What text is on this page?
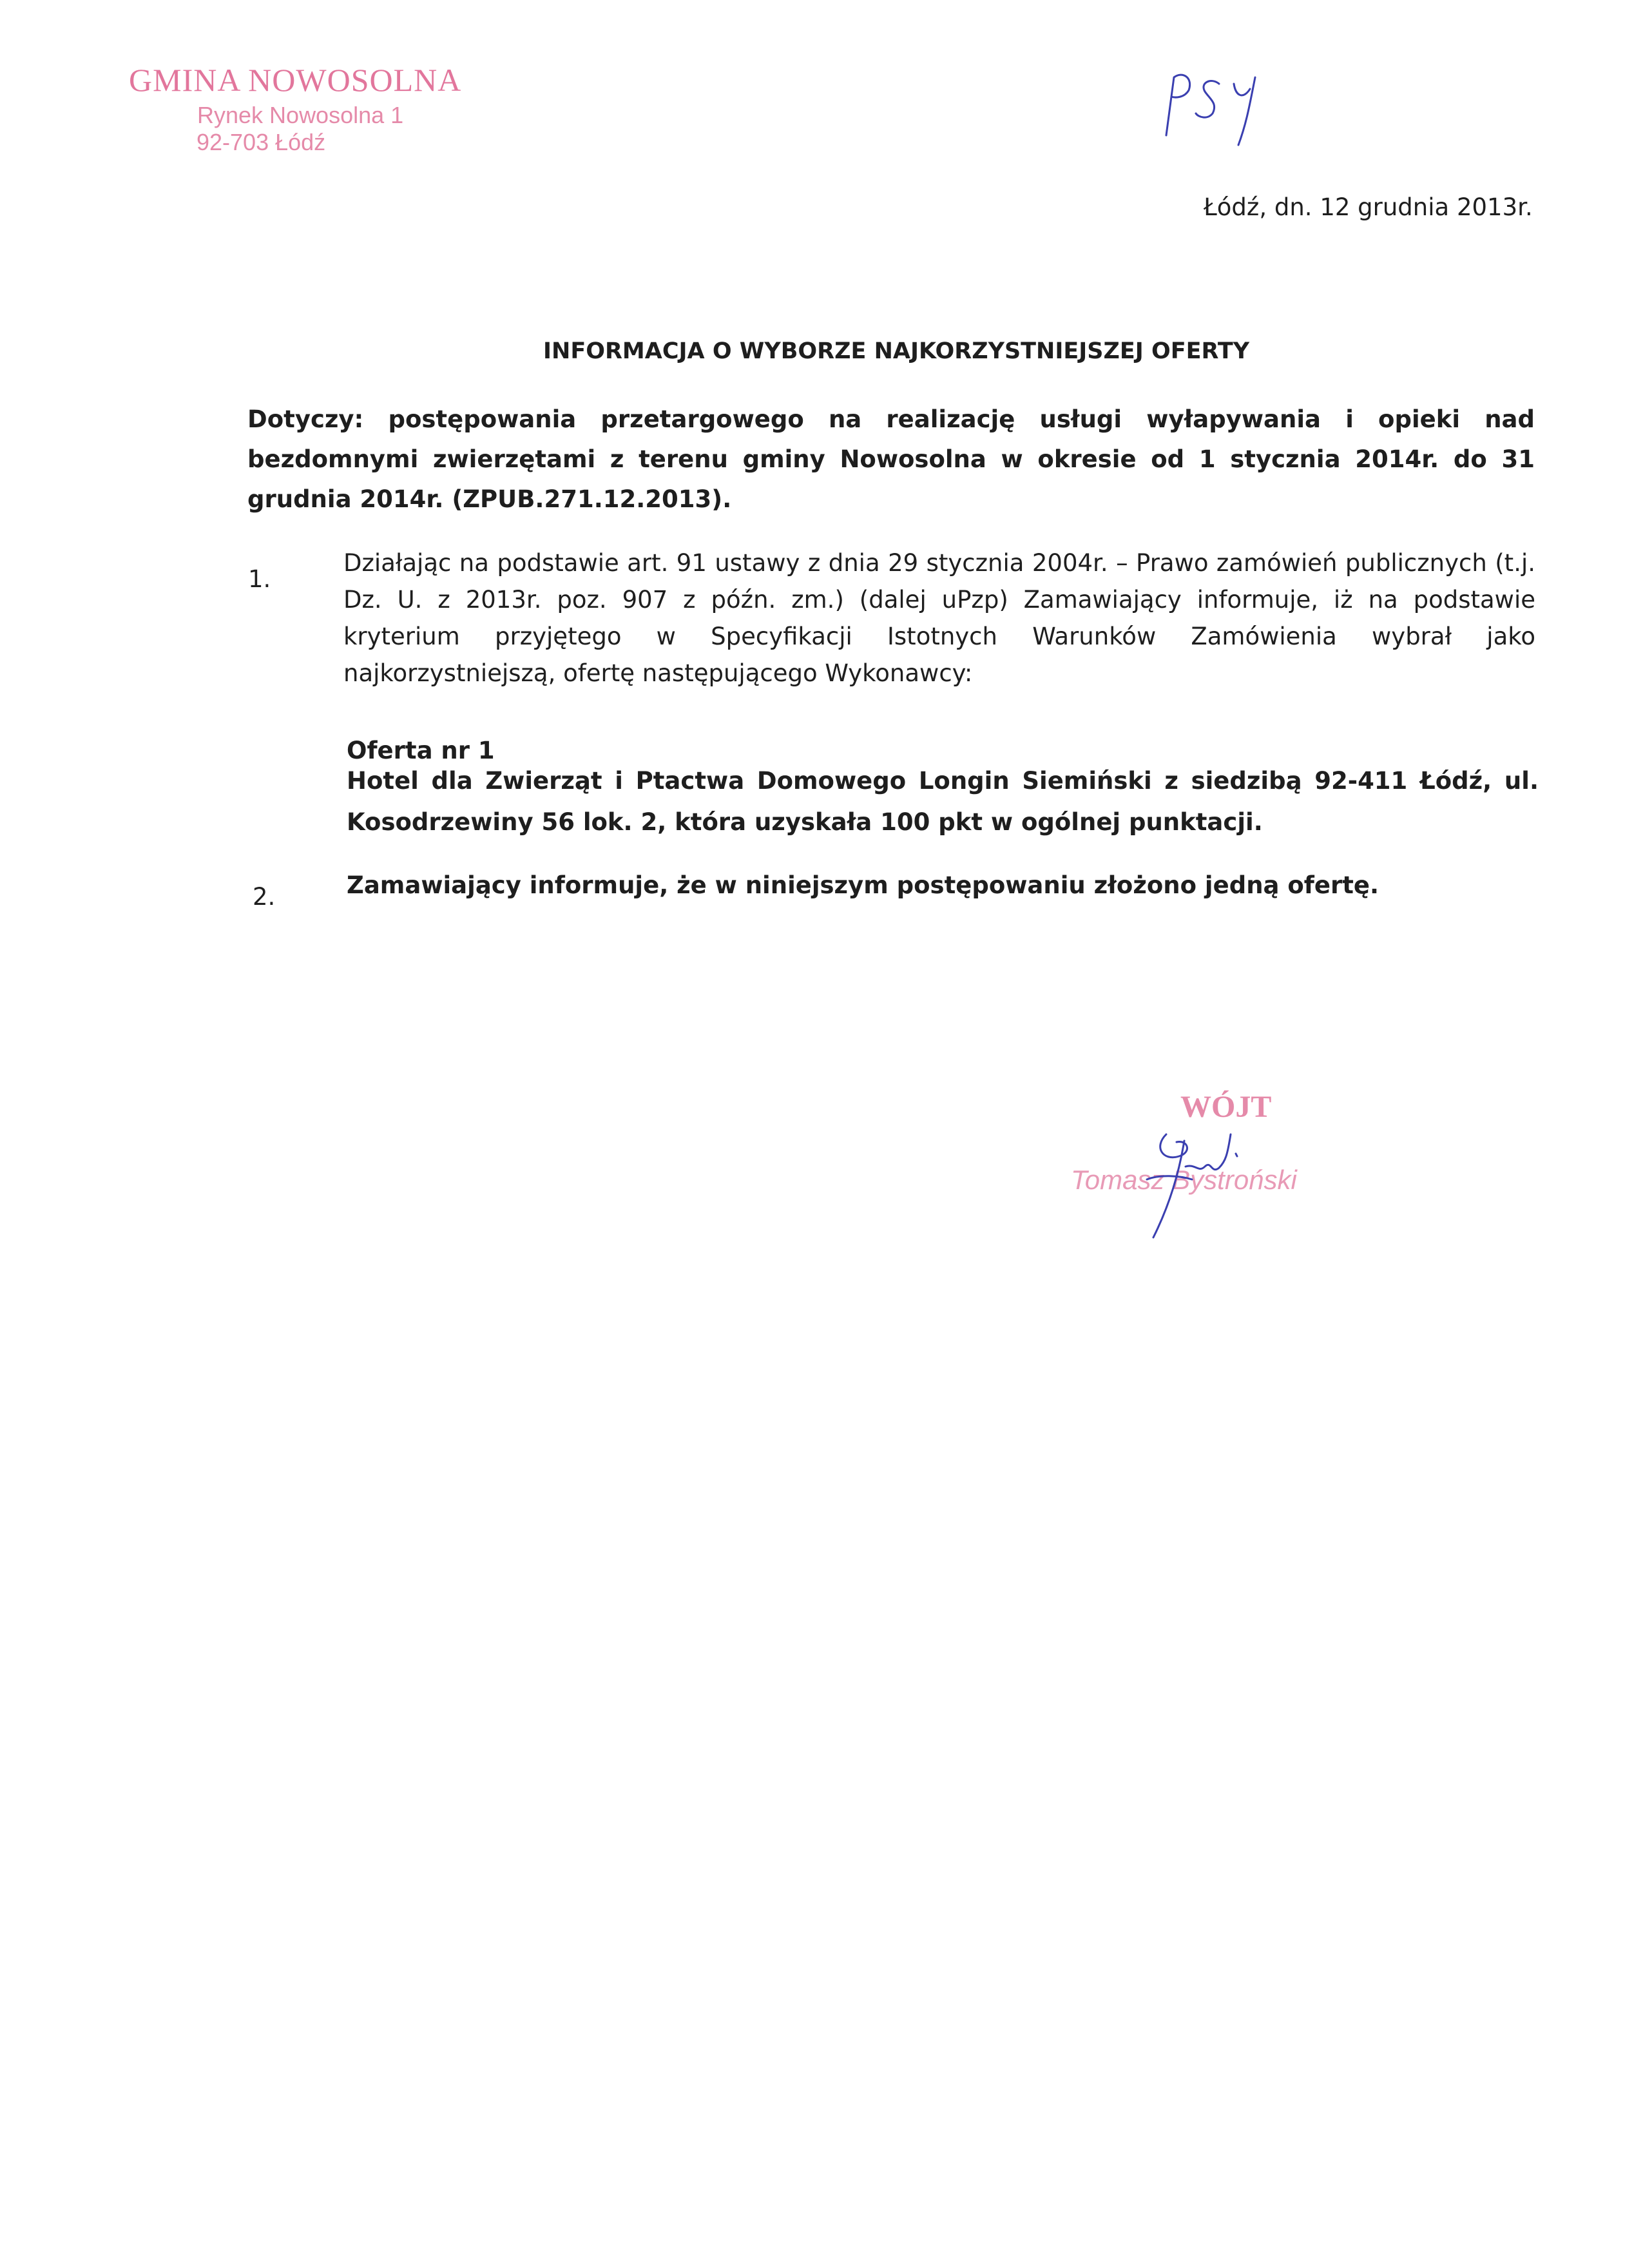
GMINA NOWOSOLNA
Rynek Nowosolna 1
92-703 Łódź
Łódź, dn. 12 grudnia 2013r.
INFORMACJA O WYBORZE NAJKORZYSTNIEJSZEJ OFERTY
Dotyczy: postępowania przetargowego na realizację usługi wyłapywania i opieki nad bezdomnymi zwierzętami z terenu gminy Nowosolna w okresie od 1 stycznia 2014r. do 31 grudnia 2014r. (ZPUB.271.12.2013).
1.
Działając na podstawie art. 91 ustawy z dnia 29 stycznia 2004r. – Prawo zamówień publicznych (t.j. Dz. U. z 2013r. poz. 907 z późn. zm.) (dalej uPzp) Zamawiający informuje, iż na podstawie kryterium przyjętego w Specyfikacji Istotnych Warunków Zamówienia wybrał jako najkorzystniejszą, ofertę następującego Wykonawcy:
Oferta nr 1
Hotel dla Zwierząt i Ptactwa Domowego Longin Siemiński z siedzibą 92-411 Łódź, ul. Kosodrzewiny 56 lok. 2, która uzyskała 100 pkt w ogólnej punktacji.
2.	Zamawiający informuje, że w niniejszym postępowaniu złożono jedną ofertę.
WÓJT
Tomasz Bystroński
